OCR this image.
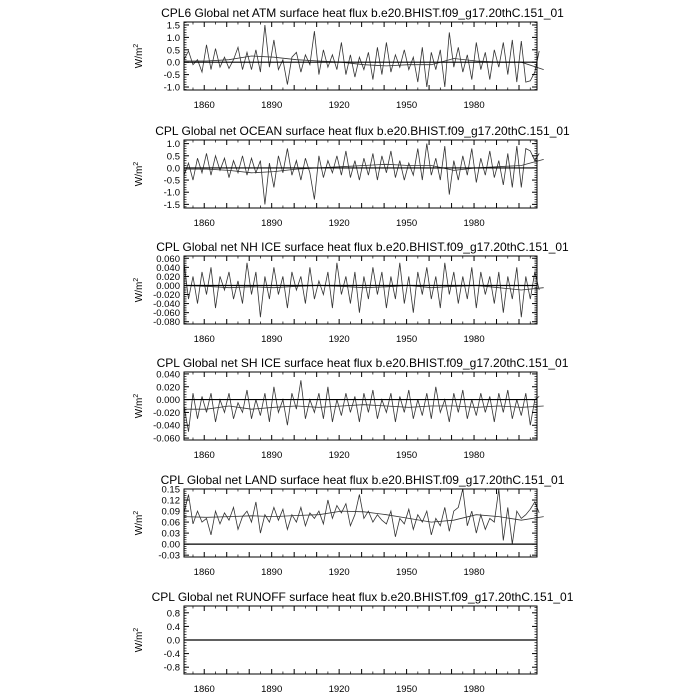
CPL6 Global net ATM surface heat flux b.e20.BHIST.f09_g17.20thC.151_01
$W/m^2$
-1.0
-0.5
0.0
0.5
1.0
1.5
1860	1890	1920	1950	1980
CPL Global net OCEAN surface heat flux b.e20.BHIST.f09_g17.20thC.151_01
$W/m^2$
-1.5
-1.0
-0.5
0.0
0.5
1.0
1860	1890	1920	1950	1980
CPL Global net NH ICE surface heat flux b.e20.BHIST.f09_g17.20thC.151_01
$W/m^2$
-0.080
-0.060
-0.040
-0.020
0.000
0.020
0.040
0.060
1860	1890	1920	1950	1980
CPL Global net SH ICE surface heat flux b.e20.BHIST.f09_g17.20thC.151_01
$W/m^2$
-0.060
-0.040
-0.020
0.000
0.020
0.040
1860	1890	1920	1950	1980
CPL Global net LAND surface heat flux b.e20.BHIST.f09_g17.20thC.151_01
$W/m^2$
-0.03
0.00
0.03
0.06
0.09
0.12
0.15
1860	1890	1920	1950	1980
CPL Global net RUNOFF surface heat flux b.e20.BHIST.f09_g17.20thC.151_01
$W/m^2$
-0.8
-0.4
0.0
0.4
0.8
1860	1890	1920	1950	1980
